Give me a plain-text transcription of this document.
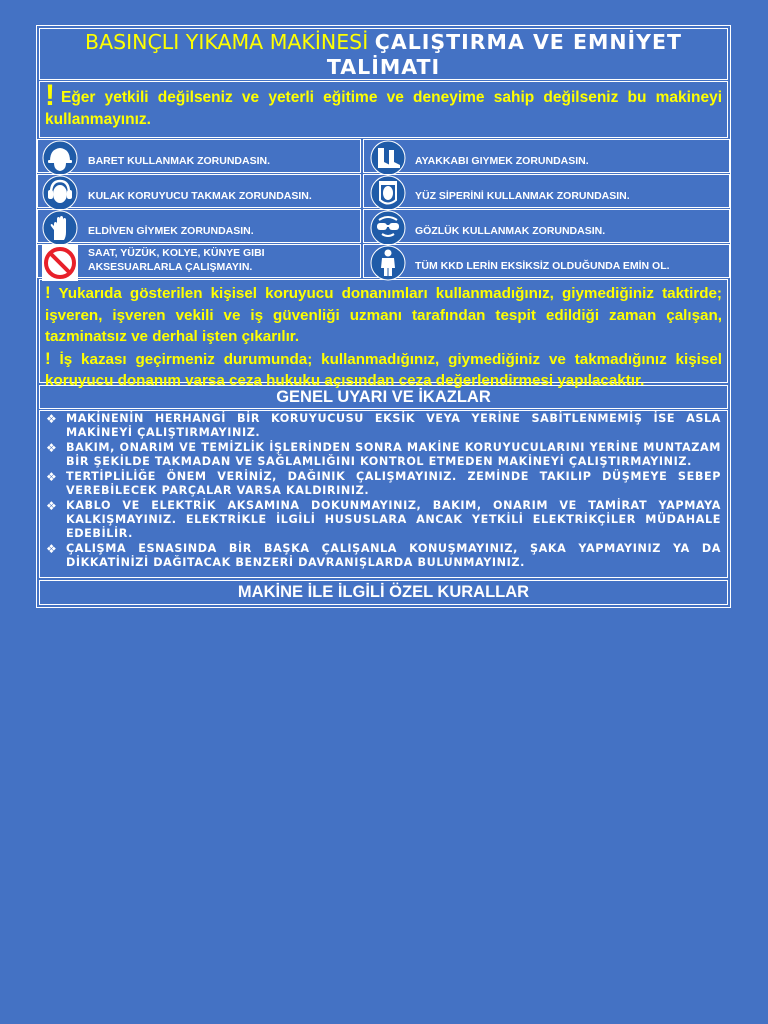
BASINÇLI YIKAMA MAKİNESİ ÇALIŞTIRMA VE EMNİYET
TALİMATI
! Eğer yetkili değilseniz ve yeterli eğitime ve deneyime sahip değilseniz bu makineyi kullanmayınız.
BARET KULLANMAK ZORUNDASIN.	AYAKKABI GIYMEK ZORUNDASIN.
KULAK KORUYUCU TAKMAK ZORUNDASIN.	YÜZ SİPERİNİ KULLANMAK ZORUNDASIN.
ELDİVEN GİYMEK ZORUNDASIN.	GÖZLÜK KULLANMAK ZORUNDASIN.
SAAT, YÜZÜK, KOLYE, KÜNYE GIBI AKSESUARLARLA ÇALIŞMAYIN.	TÜM KKD LERİN EKSİKSİZ OLDUĞUNDA EMİN OL.

! Yukarıda gösterilen kişisel koruyucu donanımları kullanmadığınız, giymediğiniz taktirde; işveren, işveren vekili ve iş güvenliği uzmanı tarafından tespit edildiği zaman çalışan, tazminatsız ve derhal işten çıkarılır.

! İş kazası geçirmeniz durumunda; kullanmadığınız, giymediğiniz ve takmadığınız kişisel koruyucu donanım varsa ceza hukuku açısından ceza değerlendirmesi yapılacaktır.

GENEL UYARI VE İKAZLAR
❖ MAKİNENİN HERHANGİ BİR KORUYUCUSU EKSİK VEYA YERİNE SABİTLENMEMİŞ İSE ASLA MAKİNEYİ ÇALIŞTIRMAYINIZ.
❖ BAKIM, ONARIM VE TEMİZLİK İŞLERİNDEN SONRA MAKİNE KORUYUCULARINI YERİNE MUNTAZAM BİR ŞEKİLDE TAKMADAN VE SAĞLAMLIĞINI KONTROL ETMEDEN MAKİNEYİ ÇALIŞTIRMAYINIZ.
❖ TERTİPLİLİĞE ÖNEM VERİNİZ, DAĞINIK ÇALIŞMAYINIZ. ZEMİNDE TAKILIP DÜŞMEYE SEBEP VEREBİLECEK PARÇALAR VARSA KALDIRINIZ.
❖ KABLO VE ELEKTRİK AKSAMINA DOKUNMAYINIZ, BAKIM, ONARIM VE TAMİRAT YAPMAYA KALKIŞMAYINIZ. ELEKTRİKLE İLGİLİ HUSUSLARA ANCAK YETKİLİ ELEKTRİKÇİLER MÜDAHALE EDEBİLİR.
❖ ÇALIŞMA ESNASINDA BİR BAŞKA ÇALIŞANLA KONUŞMAYINIZ, ŞAKA YAPMAYINIZ YA DA DİKKATİNİZİ DAĞITACAK BENZERİ DAVRANIŞLARDA BULUNMAYINIZ.
MAKİNE İLE İLGİLİ ÖZEL KURALLAR
